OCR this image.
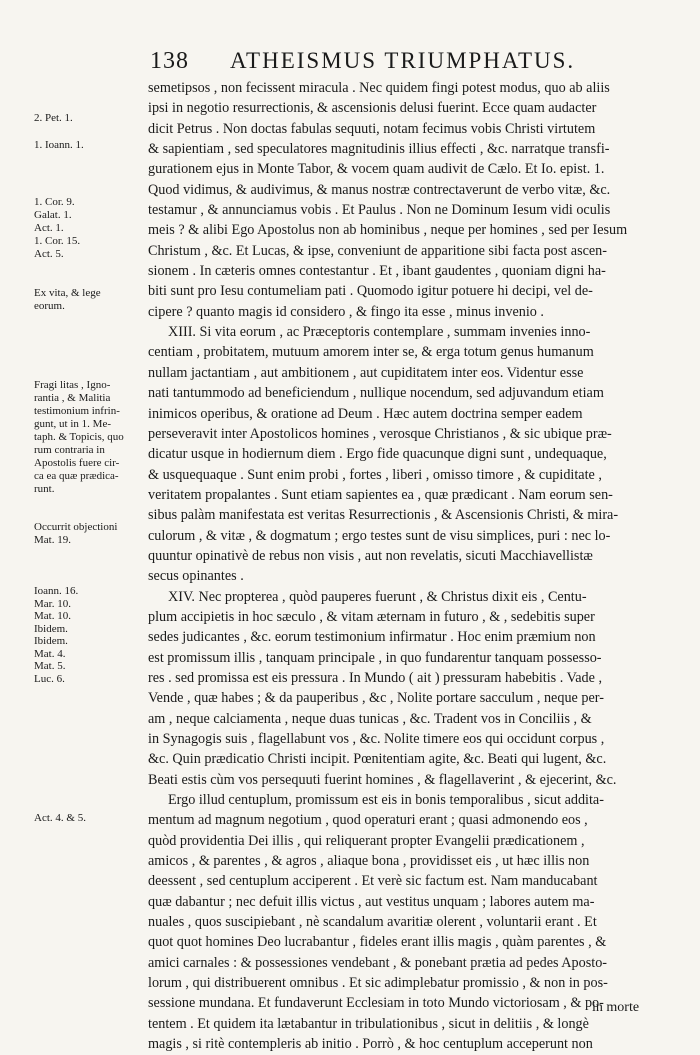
138 ATHEISMUS TRIUMPHATUS.
semetipsos , non fecissent miracula . Nec quidem fingi potest modus, quo ab aliis
ipsi in negotio resurrectionis, & ascensionis delusi fuerint. Ecce quam audacter
dicit Petrus . Non doctas fabulas sequuti, notam fecimus vobis Christi virtutem
& sapientiam , sed speculatores magnitudinis illius effecti , &c. narratque transfi-
gurationem ejus in Monte Tabor, & vocem quam audivit de Cælo. Et Io. epist. 1.
Quod vidimus, & audivimus, & manus nostræ contrectaverunt de verbo vitæ, &c.
testamur , & annunciamus vobis . Et Paulus . Non ne Dominum Iesum vidi oculis
meis ? & alibi Ego Apostolus non ab hominibus , neque per homines , sed per Iesum
Christum , &c. Et Lucas, & ipse, conveniunt de apparitione sibi facta post ascen-
sionem . In cæteris omnes contestantur . Et , ibant gaudentes , quoniam digni ha-
biti sunt pro Iesu contumeliam pati . Quomodo igitur potuere hi decipi, vel de-
cipere ? quanto magis id considero , & fingo ita esse , minus invenio .
XIII. Si vita eorum , ac Præceptoris contemplare , summam invenies inno-
centiam , probitatem, mutuum amorem inter se, & erga totum genus humanum
nullam jactantiam , aut ambitionem , aut cupiditatem inter eos. Videntur esse
nati tantummodo ad beneficiendum , nullique nocendum, sed adjuvandum etiam
inimicos operibus, & oratione ad Deum . Hæc autem doctrina semper eadem
perseveravit inter Apostolicos homines , verosque Christianos , & sic ubique præ-
dicatur usque in hodiernum diem . Ergo fide quacunque digni sunt , undequaque,
& usquequaque . Sunt enim probi , fortes , liberi , omisso timore , & cupiditate ,
veritatem propalantes . Sunt etiam sapientes ea , quæ prædicant . Nam eorum sen-
sibus palàm manifestata est veritas Resurrectionis , & Ascensionis Christi, & mira-
culorum , & vitæ , & dogmatum ; ergo testes sunt de visu simplices, puri : nec lo-
quuntur opinativè de rebus non visis , aut non revelatis, sicuti Macchiavellistæ
secus opinantes .
XIV. Nec propterea , quòd pauperes fuerunt , & Christus dixit eis , Centu-
plum accipietis in hoc sæculo , & vitam æternam in futuro , & , sedebitis super
sedes judicantes , &c. eorum testimonium infirmatur . Hoc enim præmium non
est promissum illis , tanquam principale , in quo fundarentur tanquam possesso-
res . sed promissa est eis pressura . In Mundo ( ait ) pressuram habebitis . Vade ,
Vende , quæ habes ; & da pauperibus , &c , Nolite portare sacculum , neque per-
am , neque calciamenta , neque duas tunicas , &c. Tradent vos in Conciliis , &
in Synagogis suis , flagellabunt vos , &c. Nolite timere eos qui occidunt corpus ,
&c. Quin prædicatio Christi incipit. Pœnitentiam agite, &c. Beati qui lugent, &c.
Beati estis cùm vos persequuti fuerint homines , & flagellaverint , & ejecerint, &c.
Ergo illud centuplum, promissum est eis in bonis temporalibus , sicut addita-
mentum ad magnum negotium , quod operaturi erant ; quasi admonendo eos ,
quòd providentia Dei illis , qui reliquerant propter Evangelii prædicationem ,
amicos , & parentes , & agros , aliaque bona , providisset eis , ut hæc illis non
deessent , sed centuplum acciperent . Et verè sic factum est. Nam manducabant
quæ dabantur ; nec defuit illis victus , aut vestitus unquam ; labores autem ma-
nuales , quos suscipiebant , nè scandalum avaritiæ olerent , voluntarii erant . Et
quot quot homines Deo lucrabantur , fideles erant illis magis , quàm parentes , &
amici carnales : & possessiones vendebant , & ponebant prætia ad pedes Aposto-
lorum , qui distribuerent omnibus . Et sic adimplebatur promissio , & non in pos-
sessione mundana. Et fundaverunt Ecclesiam in toto Mundo victoriosam , & po-
tentem . Et quidem ita lætabantur in tribulationibus , sicut in delitiis , & longè
magis , si ritè contempleris ab initio . Porrò , & hoc centuplum acceperunt non
in morte
2. Pet. 1.
1. Ioann. 1.
1. Cor. 9.
Galat. 1.
Act. 1.
1. Cor. 15.
Act. 5.
Ex vita, & lege
eorum.
Fragi litas , Igno-
rantia , & Malitia
testimonium infrin-
gunt, ut in 1. Me-
taph. & Topicis, quo
rum contraria in
Apostolis fuere cir-
ca ea quæ prædica-
runt.
Occurrit objectioni
Mat. 19.
Ioann. 16.
Mar. 10.
Mat. 10.
Ibidem.
Ibidem.
Mat. 4.
Mat. 5.
Luc. 6.
Act. 4. & 5.
